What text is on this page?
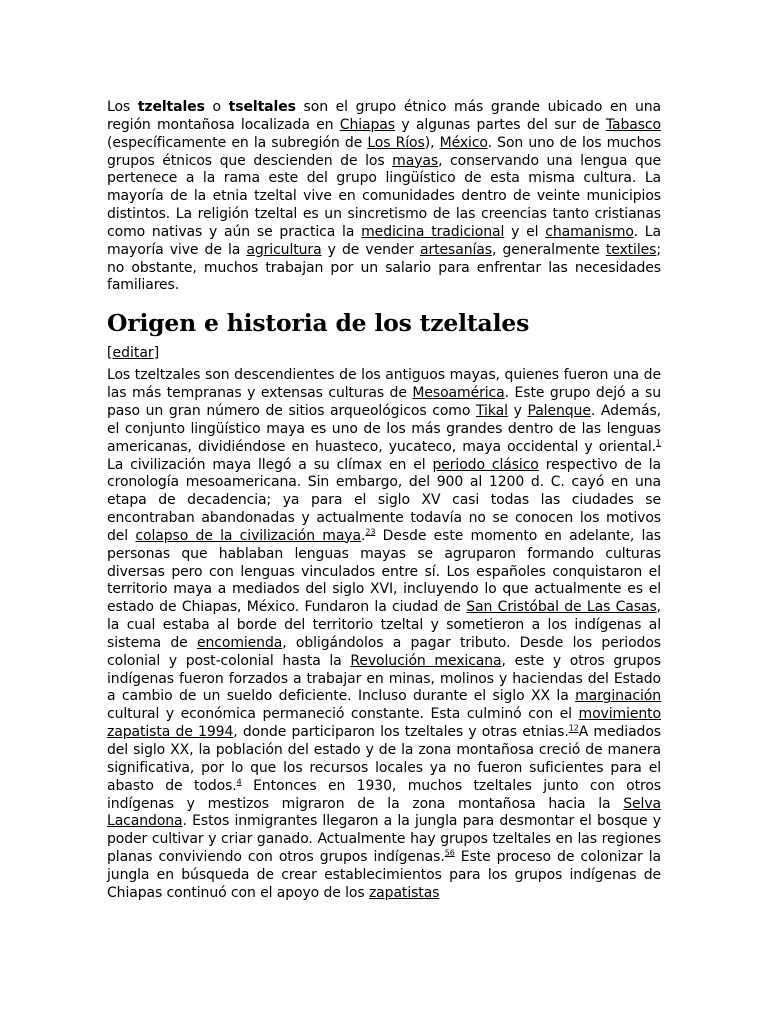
Los tzeltales o tseltales son el grupo étnico más grande ubicado en una región montañosa localizada en Chiapas y algunas partes del sur de Tabasco (específicamente en la subregión de Los Ríos), México. Son uno de los muchos grupos étnicos que descienden de los mayas, conservando una lengua que pertenece a la rama este del grupo lingüístico de esta misma cultura. La mayoría de la etnia tzeltal vive en comunidades dentro de veinte municipios distintos. La religión tzeltal es un sincretismo de las creencias tanto cristianas como nativas y aún se practica la medicina tradicional y el chamanismo. La mayoría vive de la agricultura y de vender artesanías, generalmente textiles; no obstante, muchos trabajan por un salario para enfrentar las necesidades familiares.

Origen e historia de los tzeltales
[editar]

Los tzeltzales son descendientes de los antiguos mayas, quienes fueron una de las más tempranas y extensas culturas de Mesoamérica. Este grupo dejó a su paso un gran número de sitios arqueológicos como Tikal y Palenque. Además, el conjunto lingüístico maya es uno de los más grandes dentro de las lenguas americanas, dividiéndose en huasteco, yucateco, maya occidental y oriental.$^1$ La civilización maya llegó a su clímax en el periodo clásico respectivo de la cronología mesoamericana. Sin embargo, del 900 al 1200 d. C. cayó en una etapa de decadencia; ya para el siglo XV casi todas las ciudades se encontraban abandonadas y actualmente todavía no se conocen los motivos del colapso de la civilización maya.$^{23}$ Desde este momento en adelante, las personas que hablaban lenguas mayas se agruparon formando culturas diversas pero con lenguas vinculados entre sí. Los españoles conquistaron el territorio maya a mediados del siglo XVI, incluyendo lo que actualmente es el estado de Chiapas, México. Fundaron la ciudad de San Cristóbal de Las Casas, la cual estaba al borde del territorio tzeltal y sometieron a los indígenas al sistema de encomienda, obligándolos a pagar tributo. Desde los periodos colonial y post-colonial hasta la Revolución mexicana, este y otros grupos indígenas fueron forzados a trabajar en minas, molinos y haciendas del Estado a cambio de un sueldo deficiente. Incluso durante el siglo XX la marginación cultural y económica permaneció constante. Esta culminó con el movimiento zapatista de 1994, donde participaron los tzeltales y otras etnias.$^{12}$A mediados del siglo XX, la población del estado y de la zona montañosa creció de manera significativa, por lo que los recursos locales ya no fueron suficientes para el abasto de todos.$^4$ Entonces en 1930, muchos tzeltales junto con otros indígenas y mestizos migraron de la zona montañosa hacia la Selva Lacandona. Estos inmigrantes llegaron a la jungla para desmontar el bosque y poder cultivar y criar ganado. Actualmente hay grupos tzeltales en las regiones planas conviviendo con otros grupos indígenas.$^{56}$ Este proceso de colonizar la jungla en búsqueda de crear establecimientos para los grupos indígenas de Chiapas continuó con el apoyo de los zapatistas
